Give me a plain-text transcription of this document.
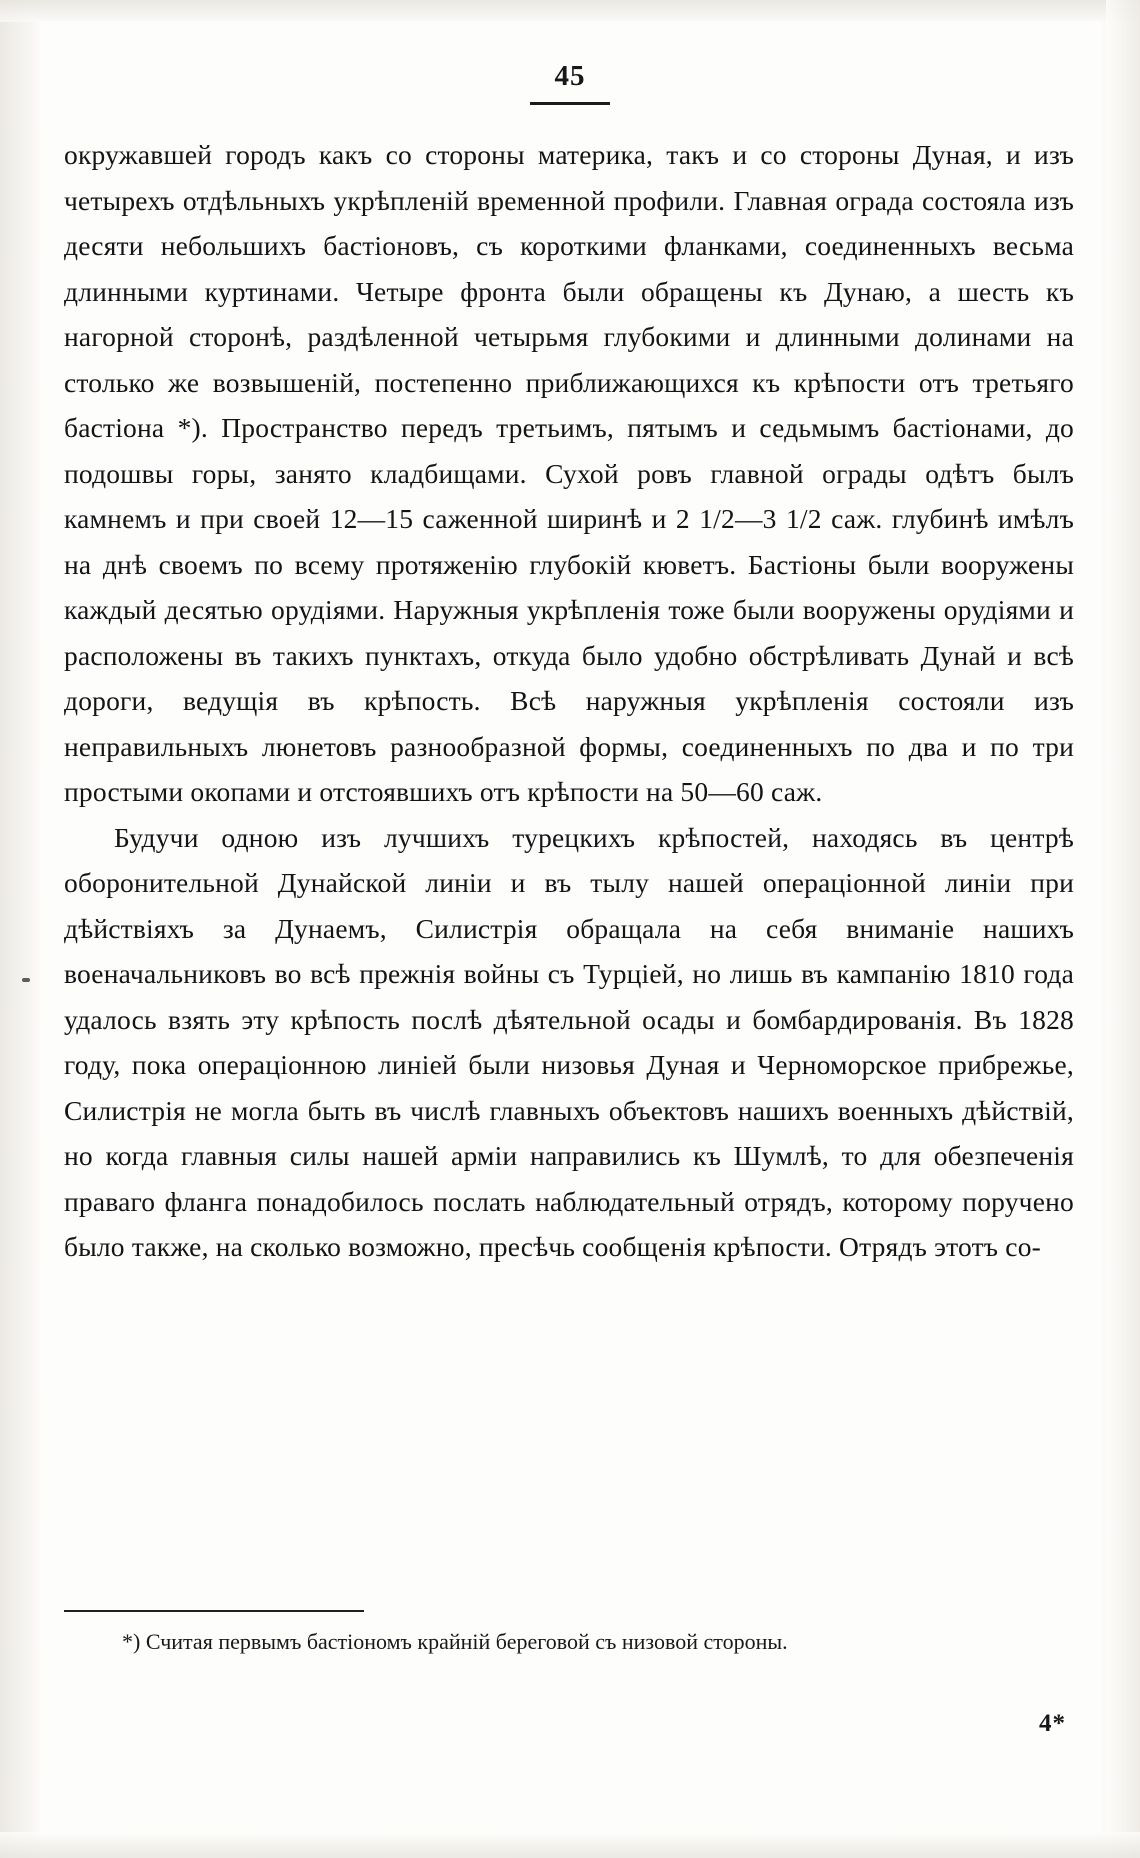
45

окружавшей городъ какъ со стороны материка, такъ и со стороны Дуная, и изъ четырехъ отдѣльныхъ укрѣпленій временной профили. Главная ограда состояла изъ десяти небольшихъ бастіоновъ, съ короткими фланками, соединенныхъ весьма длинными куртинами. Четыре фронта были обращены къ Дунаю, а шесть къ нагорной сторонѣ, раздѣленной четырьмя глубокими и длинными долинами на столько же возвышеній, постепенно приближающихся къ крѣпости отъ третьяго бастіона *). Пространство передъ третьимъ, пятымъ и седьмымъ бастіонами, до подошвы горы, занято кладбищами. Сухой ровъ главной ограды одѣтъ былъ камнемъ и при своей 12—15 саженной ширинѣ и 2 1/2—3 1/2 саж. глубинѣ имѣлъ на днѣ своемъ по всему протяженію глубокій кюветъ. Бастіоны были вооружены каждый десятью орудіями. Наружныя укрѣпленія тоже были вооружены орудіями и расположены въ такихъ пунктахъ, откуда было удобно обстрѣливать Дунай и всѣ дороги, ведущія въ крѣпость. Всѣ наружныя укрѣпленія состояли изъ неправильныхъ люнетовъ разнообразной формы, соединенныхъ по два и по три простыми окопами и отстоявшихъ отъ крѣпости на 50—60 саж.

Будучи одною изъ лучшихъ турецкихъ крѣпостей, находясь въ центрѣ оборонительной Дунайской линіи и въ тылу нашей операціонной линіи при дѣйствіяхъ за Дунаемъ, Силистрія обращала на себя вниманіе нашихъ военачальниковъ во всѣ прежнія войны съ Турціей, но лишь въ кампанію 1810 года удалось взять эту крѣпость послѣ дѣятельной осады и бомбардированія. Въ 1828 году, пока операціонною линіей были низовья Дуная и Черноморское прибрежье, Силистрія не могла быть въ числѣ главныхъ объектовъ нашихъ военныхъ дѣйствій, но когда главныя силы нашей арміи направились къ Шумлѣ, то для обезпеченія праваго фланга понадобилось послать наблюдательный отрядъ, которому поручено было также, на сколько возможно, пресѣчь сообщенія крѣпости. Отрядъ этотъ со-

*) Считая первымъ бастіономъ крайній береговой съ низовой стороны.
4*
